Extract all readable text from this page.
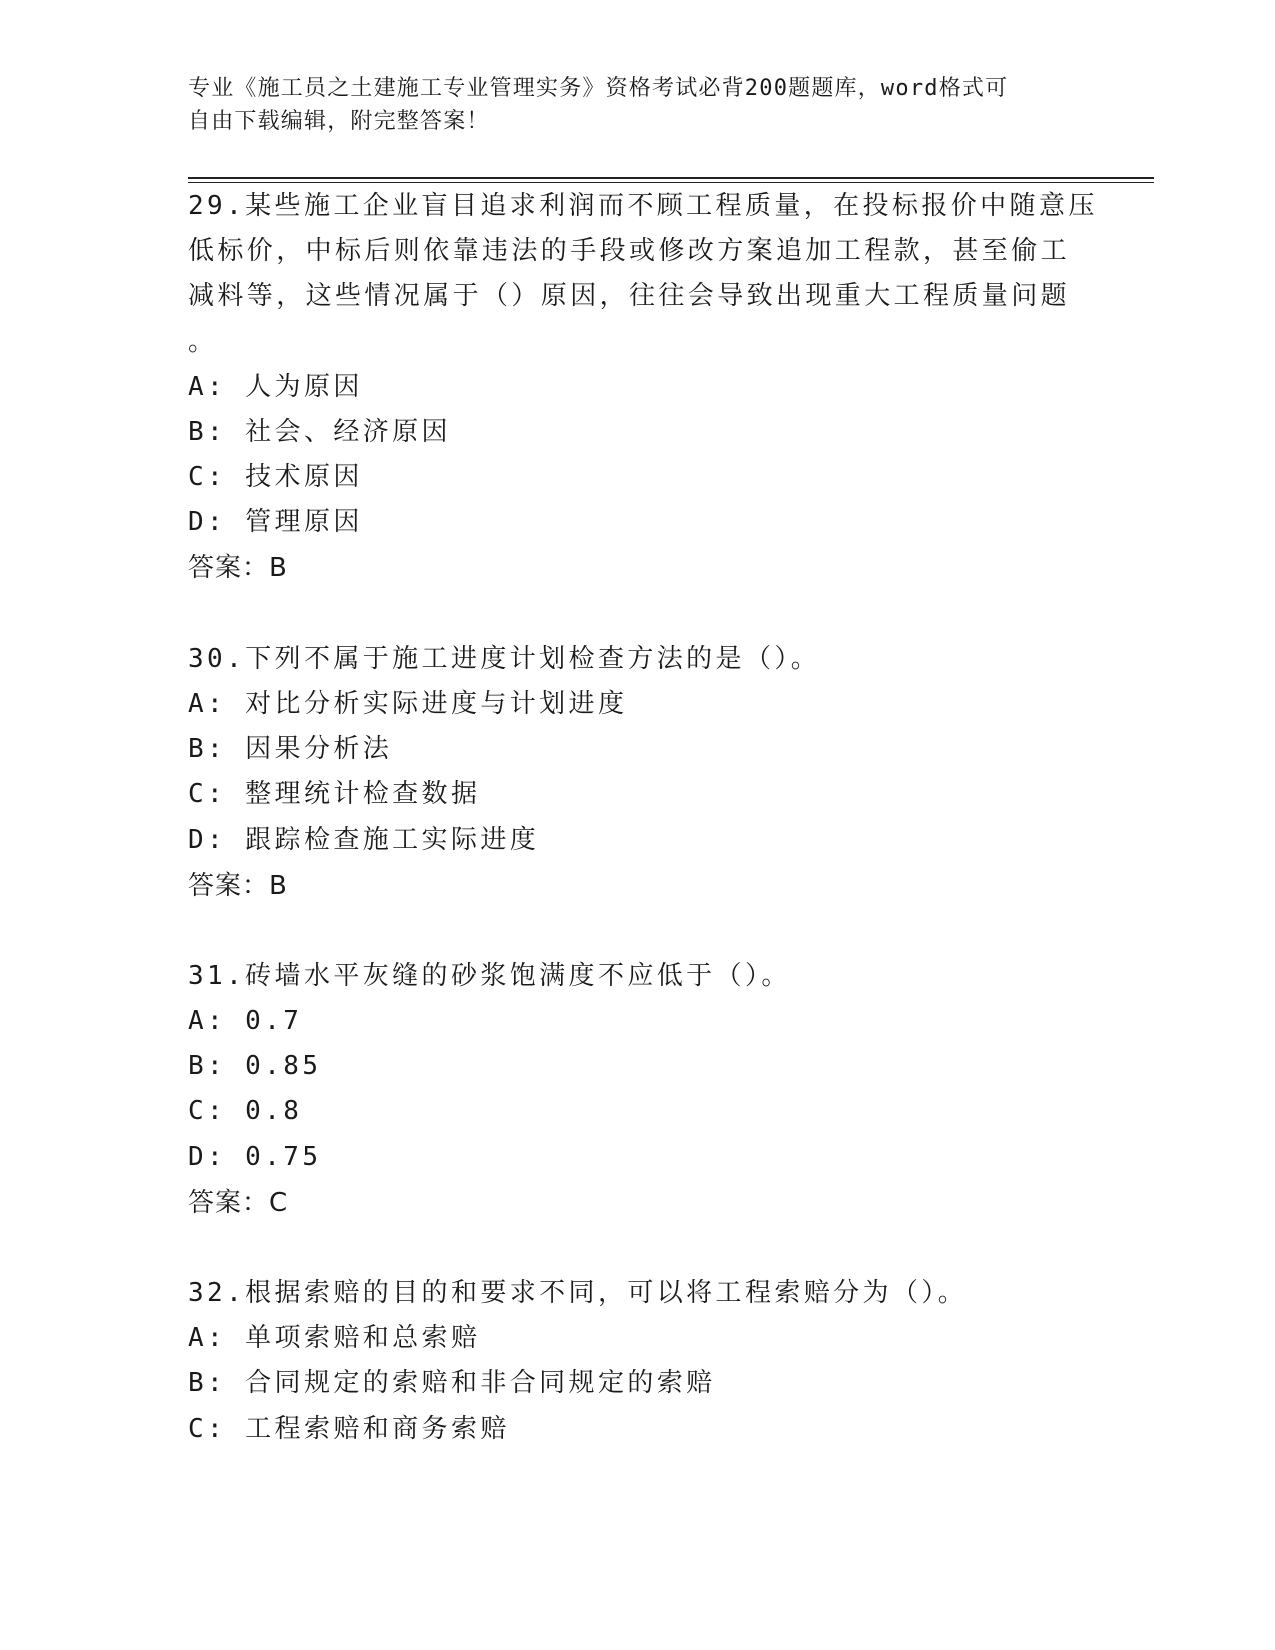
专业《施工员之土建施工专业管理实务》资格考试必背200题题库，word格式可
自由下载编辑，附完整答案！
29.某些施工企业盲目追求利润而不顾工程质量，在投标报价中随意压
低标价，中标后则依靠违法的手段或修改方案追加工程款，甚至偷工
减料等，这些情况属于（）原因，往往会导致出现重大工程质量问题
。
A: 人为原因
B: 社会、经济原因
C: 技术原因
D: 管理原因
答案：B
30.下列不属于施工进度计划检查方法的是（）。
A: 对比分析实际进度与计划进度
B: 因果分析法
C: 整理统计检查数据
D: 跟踪检查施工实际进度
答案：B
31.砖墙水平灰缝的砂浆饱满度不应低于（）。
A: 0.7
B: 0.85
C: 0.8
D: 0.75
答案：C
32.根据索赔的目的和要求不同，可以将工程索赔分为（）。
A: 单项索赔和总索赔
B: 合同规定的索赔和非合同规定的索赔
C: 工程索赔和商务索赔
